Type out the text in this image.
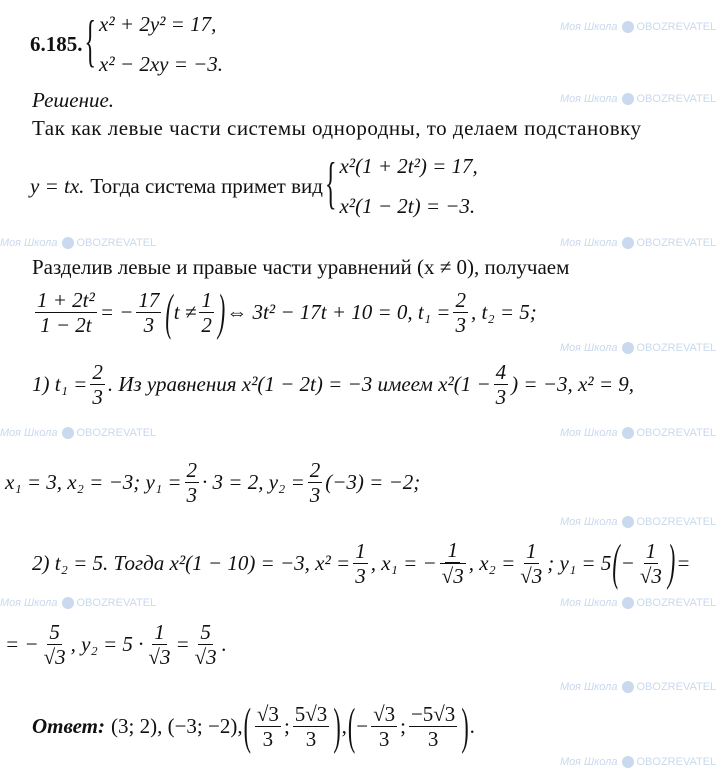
Моя Школа OBOZREVATEL
Моя Школа OBOZREVATEL
Моя Школа OBOZREVATEL
Моя Школа OBOZREVATEL
Моя Школа OBOZREVATEL
Моя Школа OBOZREVATEL	Моя Школа OBOZREVATEL
Моя Школа OBOZREVATEL
Моя Школа OBOZREVATEL	Моя Школа OBOZREVATEL
Моя Школа OBOZREVATEL
Моя Школа OBOZREVATEL
6.185. { x² + 2y² = 17,
x² − 2xy = −3.
Решение.
Так как левые части системы однородны, то делаем подстановку
y = tx. Тогда система примет вид { x²(1 + 2t²) = 17,
x²(1 − 2t) = −3.
Разделив левые и правые части уравнений (x ≠ 0), получаем
$\frac{\text{1 + 2t²}}{1 - 2t}$ = − $\frac{17}{3}$ ( $t \ne \frac{1}{2}$ ) ⇔ 3t² − 17t + 10 = 0, $t_1 = \frac{2}{3}$ , t₂ = 5;
1) $t_1 = \frac{2}{3}$ . Из уравнения x²(1 − 2t) = −3 имеем $x^2(1 - \frac{4}{3}$ ) = −3, x² = 9,
x₁ = 3, x₂ = −3; $y_1 = \frac{2}{3} \cdot 3 = 2$, $y_2 = \frac{2}{3} (-3) = -2$;
2) t₂ = 5. Тогда x²(1 − 10) = −3, $x^2 = \frac{1}{3}$ , x₁ = − $\frac{1}{√3}$ , $x_2 = \frac{1}{√3}$ ; y₁ = 5 ( − $\frac{1}{√3}$ ) =
= − $\frac{5}{√3}$ , $y_2 = 5 \cdot \frac{1}{√3} = \frac{5}{√3}$ .
Ответ: (3; 2), (−3; −2), ( $\frac{√3}{3}$ ; $\frac{5√3}{3}$ ) , ( − $\frac{√3}{3}$ ; $\frac{-5√3}{3}$ ) .
